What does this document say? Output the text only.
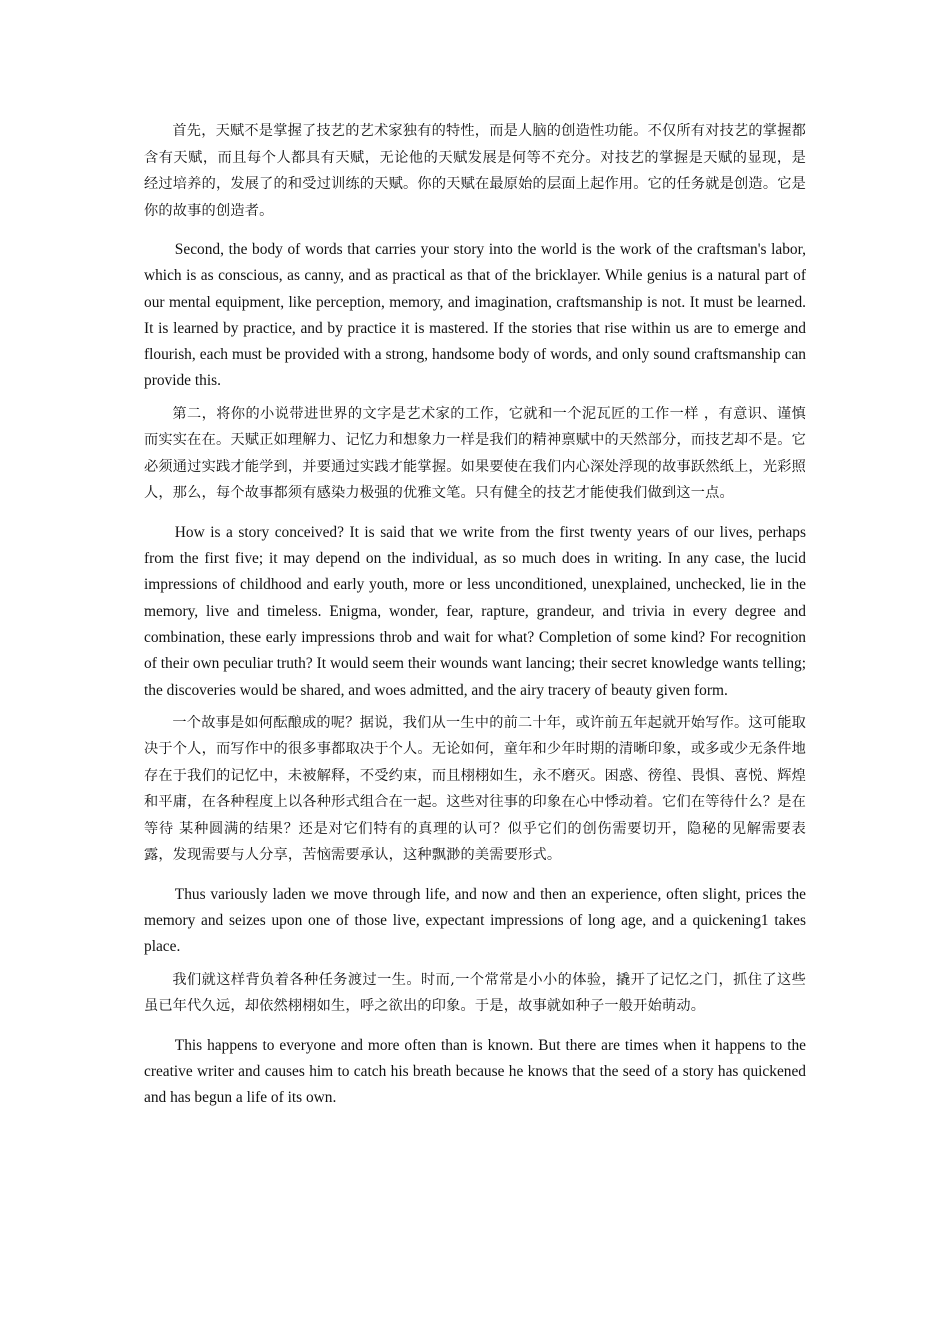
首先，天赋不是掌握了技艺的艺术家独有的特性，而是人脑的创造性功能。不仅所有对技艺的掌握都含有天赋，而且每个人都具有天赋，无论他的天赋发展是何等不充分。对技艺的掌握是天赋的显现，是 经过培养的，发展了的和受过训练的天赋。你的天赋在最原始的层面上起作用。它的任务就是创造。它是你的故事的创造者。

Second, the body of words that carries your story into the world is the work of the craftsman's labor, which is as conscious, as canny, and as practical as that of the bricklayer. While genius is a natural part of our mental equipment, like perception, memory, and imagination, craftsmanship is not. It must be learned. It is learned by practice, and by practice it is mastered. If the stories that rise within us are to emerge and flourish, each must be provided with a strong, handsome body of words, and only sound craftsmanship can provide this.

第二，将你的小说带进世界的文字是艺术家的工作，它就和一个泥瓦匠的工作一样 ，有意识、谨慎而实实在在。天赋正如理解力、记忆力和想象力一样是我们的精神禀赋中的天然部分，而技艺却不是。它必须通过实践才能学到，并要通过实践才能掌握。如果要使在我们内心深处浮现的故事跃然纸上，光彩照人，那么，每个故事都须有感染力极强的优雅文笔。只有健全的技艺才能使我们做到这一点。

How is a story conceived? It is said that we write from the first twenty years of our lives, perhaps from the first five; it may depend on the individual, as so much does in writing. In any case, the lucid impressions of childhood and early youth, more or less unconditioned, unexplained, unchecked, lie in the memory, live and timeless. Enigma, wonder, fear, rapture, grandeur, and trivia in every degree and combination, these early impressions throb and wait for what? Completion of some kind? For recognition of their own peculiar truth? It would seem their wounds want lancing; their secret knowledge wants telling; the discoveries would be shared, and woes admitted, and the airy tracery of beauty given form.

一个故事是如何酝酿成的呢？据说，我们从一生中的前二十年，或许前五年起就开始写作。这可能取决于个人，而写作中的很多事都取决于个人。无论如何，童年和少年时期的清晰印象，或多或少无条件地存在于我们的记忆中，未被解释，不受约束，而且栩栩如生，永不磨灭。困惑、徬徨、畏惧、喜悦、辉煌和平庸，在各种程度上以各种形式组合在一起。这些对往事的印象在心中悸动着。它们在等待什么？是在等待 某种圆满的结果？还是对它们特有的真理的认可？似乎它们的创伤需要切开，隐秘的见解需要表露，发现需要与人分享，苦恼需要承认，这种飘渺的美需要形式。

Thus variously laden we move through life, and now and then an experience, often slight, prices the memory and seizes upon one of those live, expectant impressions of long age, and a quickening1 takes place.

我们就这样背负着各种任务渡过一生。时而,一个常常是小小的体验，撬开了记忆之门，抓住了这些虽已年代久远，却依然栩栩如生，呼之欲出的印象。于是，故事就如种子一般开始萌动。

This happens to everyone and more often than is known. But there are times when it happens to the creative writer and causes him to catch his breath because he knows that the seed of a story has quickened and has begun a life of its own.
